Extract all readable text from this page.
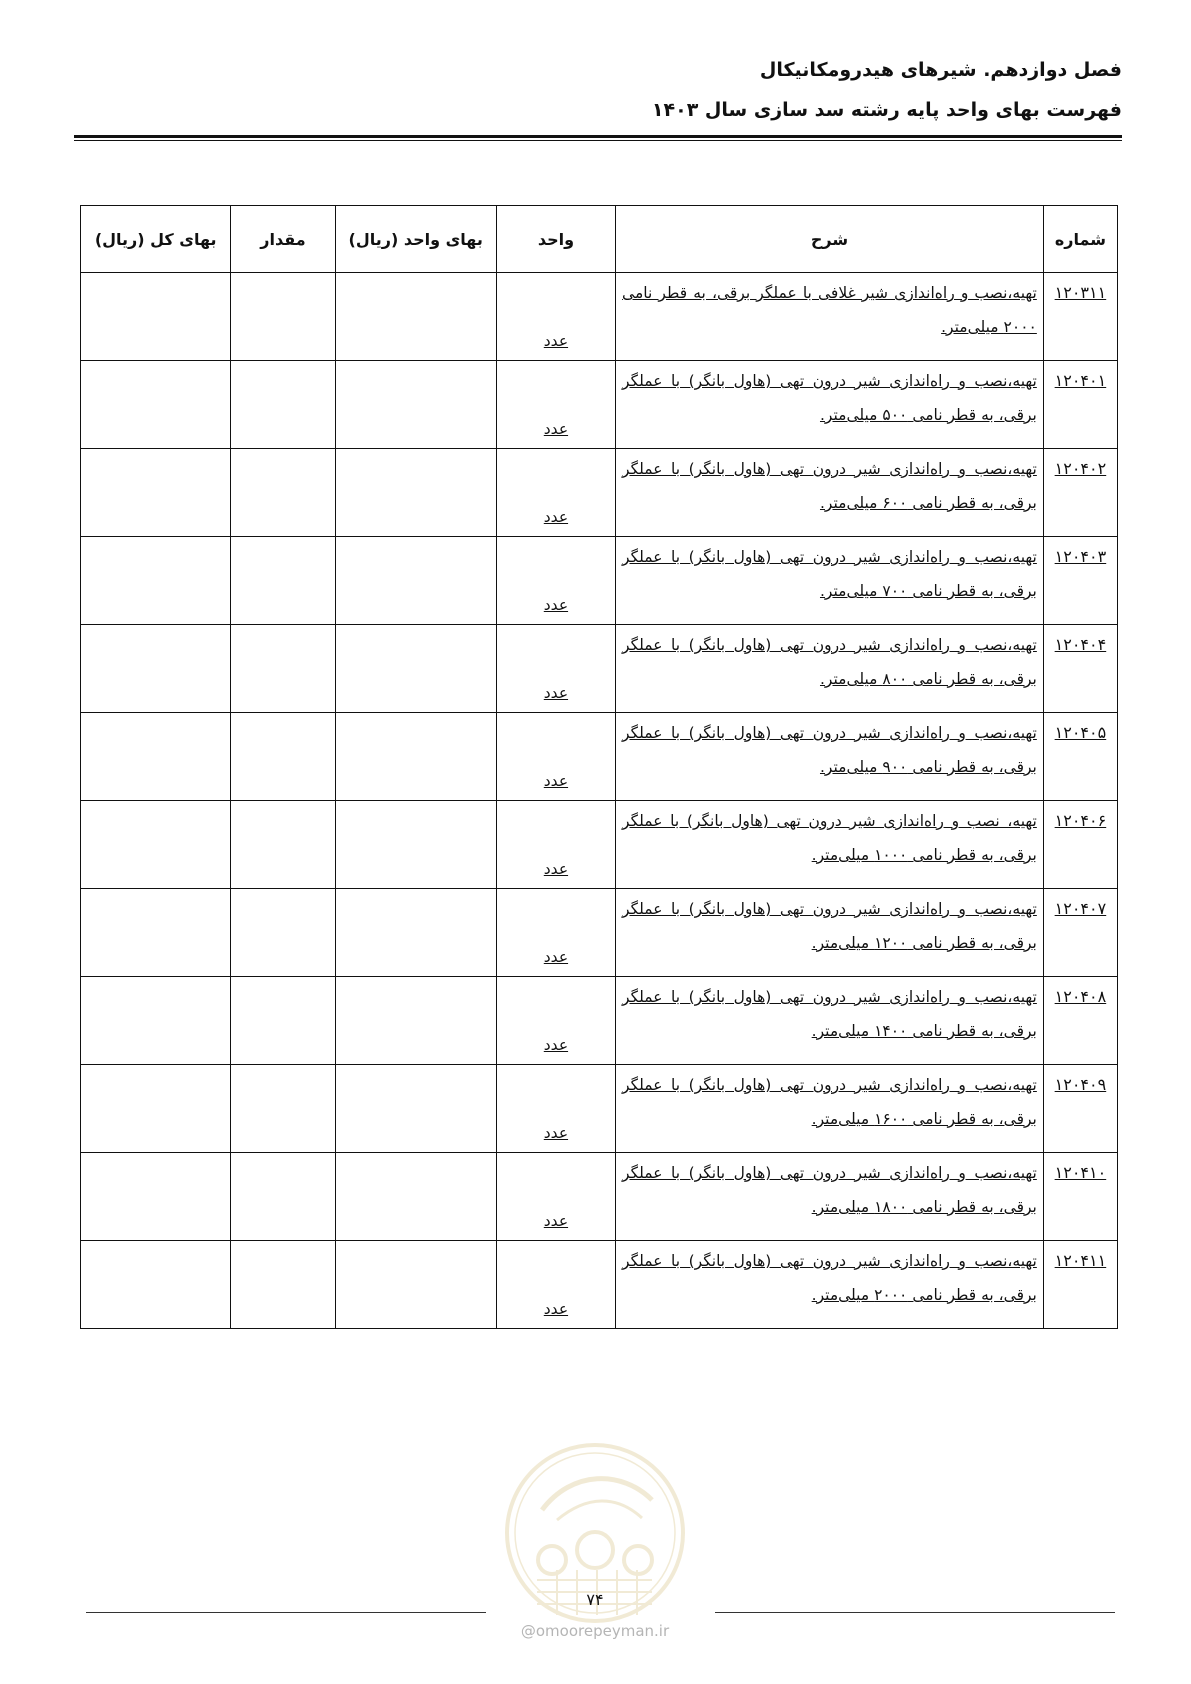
فصل دوازدهم. شیرهای هیدرومکانیکال
فهرست بهای واحد پایه رشته سد سازی سال ۱۴۰۳
شماره	شرح	واحد	بهای واحد (ریال)	مقدار	بهای کل (ریال)
۱۲۰۳۱۱	تهیه،نصب و راه‌اندازی شیر غلافی با عملگر برقی، به قطر نامی ۲۰۰۰ میلی‌متر.	عدد			
۱۲۰۴۰۱	تهیه،نصب و راه‌اندازی شیر درون تهی (هاول بانگر) با عملگر برقی، به قطر نامی ۵۰۰ میلی‌متر.	عدد			
۱۲۰۴۰۲	تهیه،نصب و راه‌اندازی شیر درون تهی (هاول بانگر) با عملگر برقی، به قطر نامی ۶۰۰ میلی‌متر.	عدد			
۱۲۰۴۰۳	تهیه،نصب و راه‌اندازی شیر درون تهی (هاول بانگر) با عملگر برقی، به قطر نامی ۷۰۰ میلی‌متر.	عدد			
۱۲۰۴۰۴	تهیه،نصب و راه‌اندازی شیر درون تهی (هاول بانگر) با عملگر برقی، به قطر نامی ۸۰۰ میلی‌متر.	عدد			
۱۲۰۴۰۵	تهیه،نصب و راه‌اندازی شیر درون تهی (هاول بانگر) با عملگر برقی، به قطر نامی ۹۰۰ میلی‌متر.	عدد			
۱۲۰۴۰۶	تهیه، نصب و راه‌اندازی شیر درون تهی (هاول بانگر) با عملگر برقی، به قطر نامی ۱۰۰۰ میلی‌متر.	عدد			
۱۲۰۴۰۷	تهیه،نصب و راه‌اندازی شیر درون تهی (هاول بانگر) با عملگر برقی، به قطر نامی ۱۲۰۰ میلی‌متر.	عدد			
۱۲۰۴۰۸	تهیه،نصب و راه‌اندازی شیر درون تهی (هاول بانگر) با عملگر برقی، به قطر نامی ۱۴۰۰ میلی‌متر.	عدد			
۱۲۰۴۰۹	تهیه،نصب و راه‌اندازی شیر درون تهی (هاول بانگر) با عملگر برقی، به قطر نامی ۱۶۰۰ میلی‌متر.	عدد			
۱۲۰۴۱۰	تهیه،نصب و راه‌اندازی شیر درون تهی (هاول بانگر) با عملگر برقی، به قطر نامی ۱۸۰۰ میلی‌متر.	عدد			
۱۲۰۴۱۱	تهیه،نصب و راه‌اندازی شیر درون تهی (هاول بانگر) با عملگر برقی، به قطر نامی ۲۰۰۰ میلی‌متر.	عدد			
۷۴
@omoorepeyman.ir
